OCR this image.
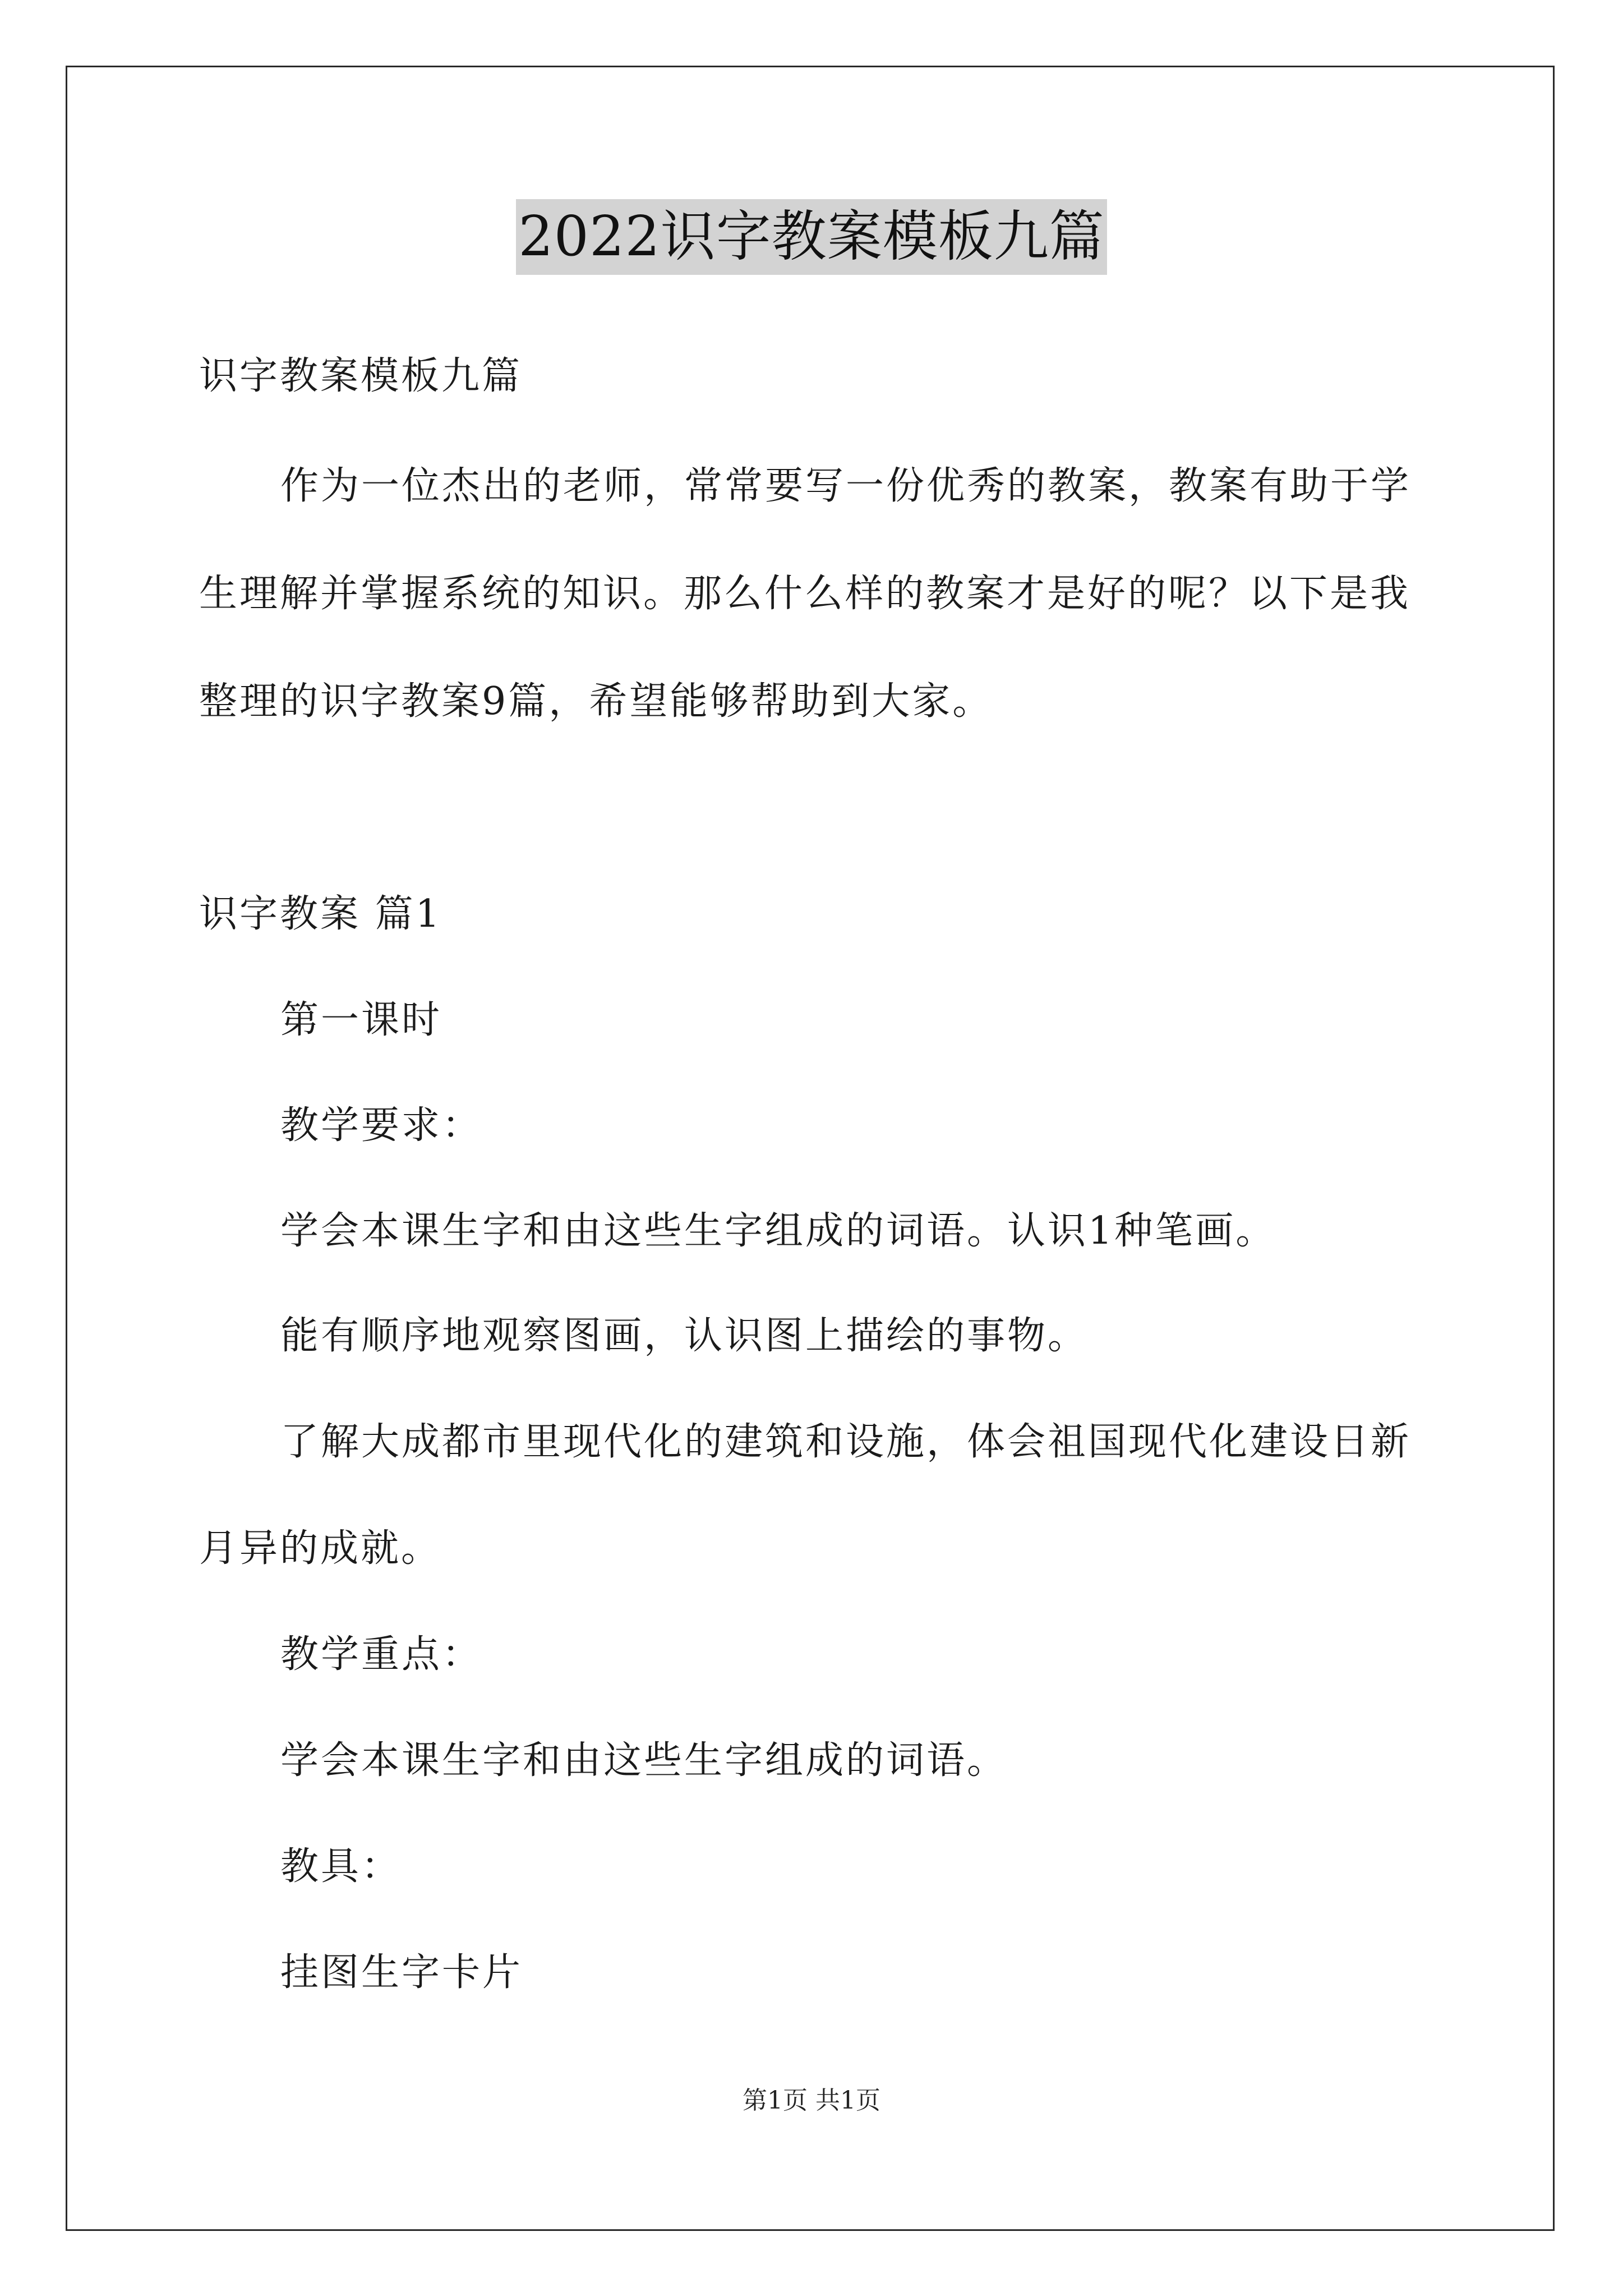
2022识字教案模板九篇
识字教案模板九篇
作为一位杰出的老师，常常要写一份优秀的教案，教案有助于学
生理解并掌握系统的知识。那么什么样的教案才是好的呢？以下是我
整理的识字教案9篇，希望能够帮助到大家。
识字教案 篇1
第一课时
教学要求：
学会本课生字和由这些生字组成的词语。认识1种笔画。
能有顺序地观察图画，认识图上描绘的事物。
了解大成都市里现代化的建筑和设施，体会祖国现代化建设日新
月异的成就。
教学重点：
学会本课生字和由这些生字组成的词语。
教具：
挂图生字卡片
第1页 共1页
